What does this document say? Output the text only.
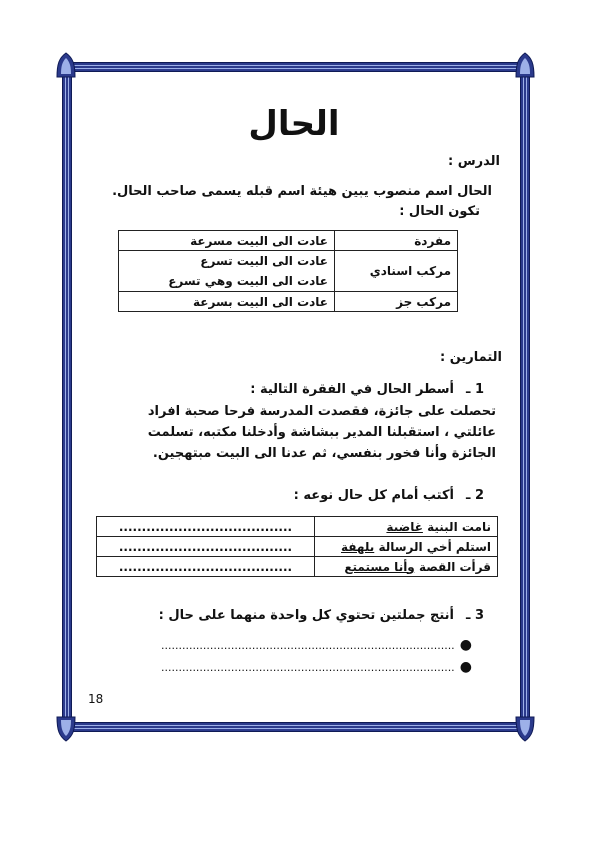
الحال
الدرس :
الحال اسم منصوب يبين هيئة اسم قبله يسمى صاحب الحال.
تكون الحال :
مفردة	عادت الى البيت مسرعة
مركب اسنادي	عادت الى البيت تسرع
عادت الى البيت وهي تسرع

مركب جز	عادت الى البيت بسرعة
التمارين :
1 ـ
أسطر الحال في الفقرة التالية :
تحصلت على جائزة، فقصدت المدرسة فرحا صحبة افراد
عائلتي ، استقبلنا المدير ببشاشة وأدخلنا مكتبه، تسلمت
الجائزة وأنا فخور بنفسي، ثم عدنا الى البيت مبتهجين.
2 ـ
أكتب أمام كل حال نوعه :
نامت البنية غاضبة	......................................
استلم أخي الرسالة بلهفة	......................................
قرأت القصة وأنا مستمتع	......................................
3 ـ
أنتج جملتين تحتوي كل واحدة منهما على حال :
● ....................................................................................
● ....................................................................................
18
